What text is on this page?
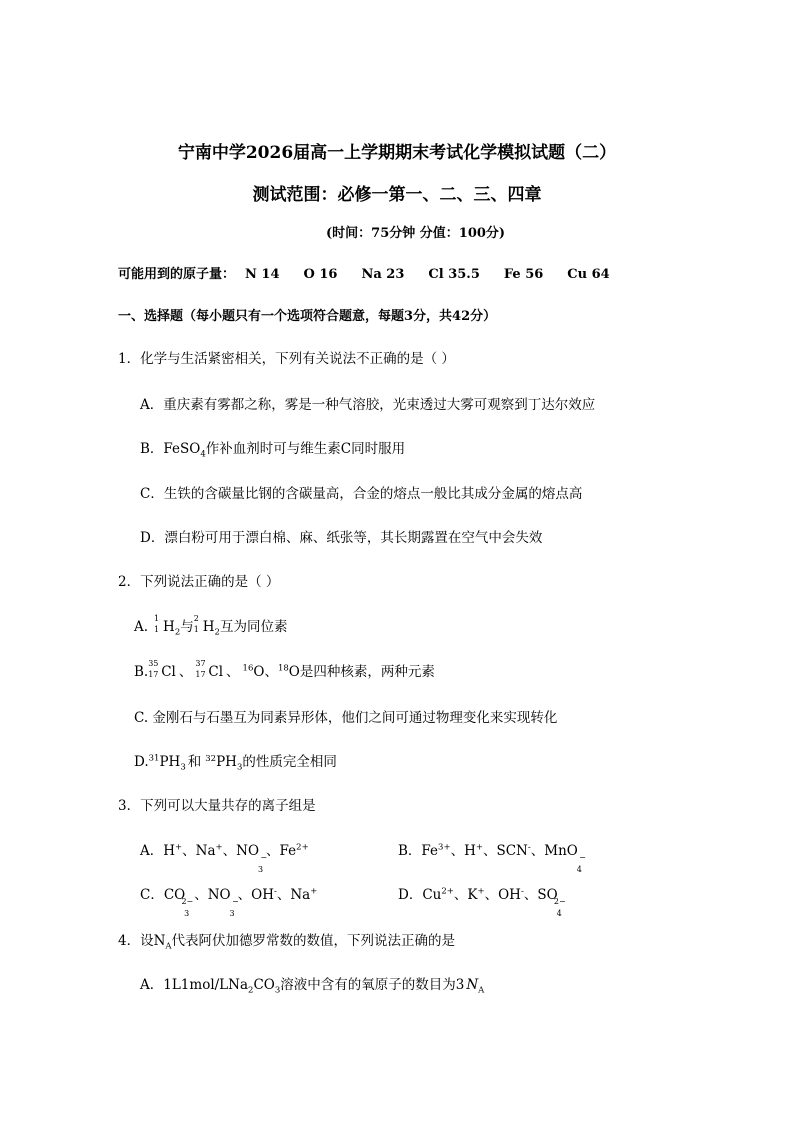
宁南中学2026届高一上学期期末考试化学模拟试题（二）
测试范围：必修一第一、二、三、四章
(时间：75分钟 分值：100分)
可能用到的原子量： N 14 O 16 Na 23 Cl 35.5 Fe 56 Cu 64
一、选择题（每小题只有一个选项符合题意，每题3分，共42分）
1．化学与生活紧密相关，下列有关说法不正确的是（ ）
A．重庆素有雾都之称，雾是一种气溶胶，光束透过大雾可观察到丁达尔效应
B．FeSO$_4$作补血剂时可与维生素C同时服用
C．生铁的含碳量比钢的含碳量高，合金的熔点一般比其成分金属的熔点高
D．漂白粉可用于漂白棉、麻、纸张等，其长期露置在空气中会失效
2．下列说法正确的是（ ）
A.
1
1 $H_2$与
2
1 $H_2$互为同位素
B.
35
17 Cl 、
37
17 Cl 、 $^{16}$O、$^{18}$O是四种核素，两种元素
C. 金刚石与石墨互为同素异形体，他们之间可通过物理变化来实现转化
$D.^{31}PH_3$ 和 $^{32}PH_3$的性质完全相同
3．下列可以大量共存的离子组是
A．H+、Na+、NO
3
− 、$Fe^{2+}$	B．$Fe^{3+}$、H+、SCN-、MnO
4
−
C．CO
3
2− 、NO
3
− 、OH-、Na+	D．$Cu^{2+}$、K+、OH-、SO
4
2−
4．设$N_A$代表阿伏加德罗常数的数值，下列说法正确的是
A．$1L1mol/LNa_2CO_3$溶液中含有的氧原子的数目为3 $N_A$
